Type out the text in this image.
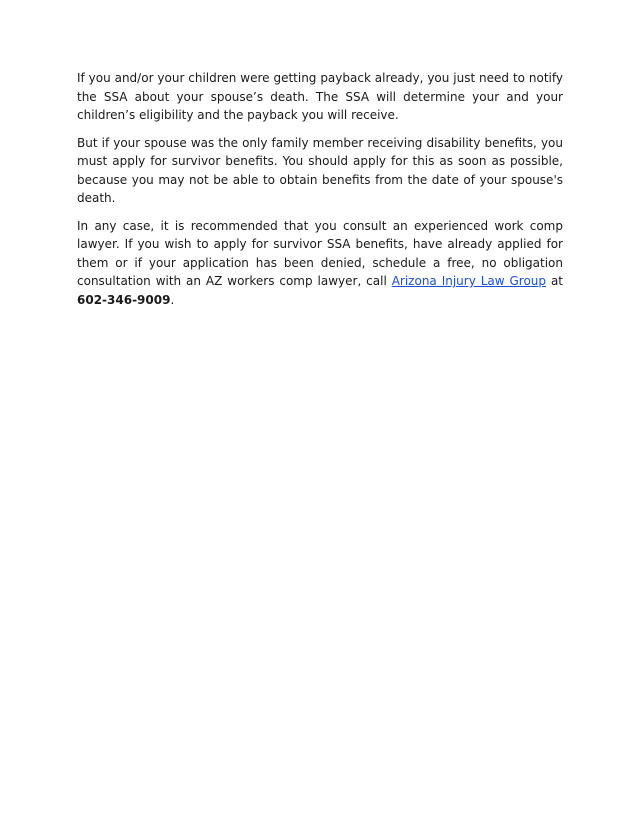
If you and/or your children were getting payback already, you just need to notify the SSA about your spouse’s death. The SSA will determine your and your children’s eligibility and the payback you will receive.

But if your spouse was the only family member receiving disability benefits, you must apply for survivor benefits. You should apply for this as soon as possible, because you may not be able to obtain benefits from the date of your spouse's death.

In any case, it is recommended that you consult an experienced work comp lawyer. If you wish to apply for survivor SSA benefits, have already applied for them or if your application has been denied, schedule a free, no obligation consultation with an AZ workers comp lawyer, call Arizona Injury Law Group at 602-346-9009.
